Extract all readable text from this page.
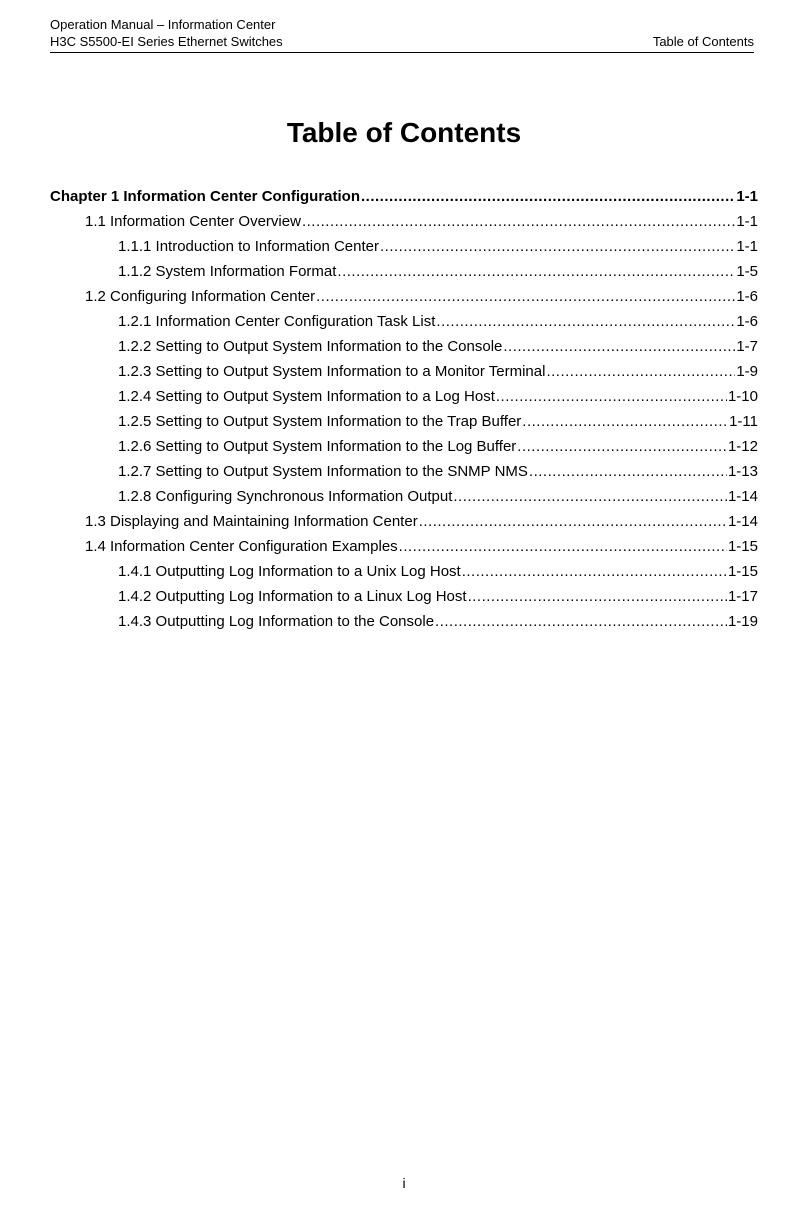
Operation Manual – Information Center
H3C S5500-EI Series Ethernet Switches	Table of Contents
Table of Contents
Chapter 1 Information Center Configuration .....	1-1
1.1 Information Center Overview .....	1-1
1.1.1 Introduction to Information Center .....	1-1
1.1.2 System Information Format .....	1-5
1.2 Configuring Information Center .....	1-6
1.2.1 Information Center Configuration Task List .....	1-6
1.2.2 Setting to Output System Information to the Console .....	1-7
1.2.3 Setting to Output System Information to a Monitor Terminal .....	1-9
1.2.4 Setting to Output System Information to a Log Host .....	1-10
1.2.5 Setting to Output System Information to the Trap Buffer .....	1-11
1.2.6 Setting to Output System Information to the Log Buffer .....	1-12
1.2.7 Setting to Output System Information to the SNMP NMS .....	1-13
1.2.8 Configuring Synchronous Information Output .....	1-14
1.3 Displaying and Maintaining Information Center .....	1-14
1.4 Information Center Configuration Examples .....	1-15
1.4.1 Outputting Log Information to a Unix Log Host .....	1-15
1.4.2 Outputting Log Information to a Linux Log Host .....	1-17
1.4.3 Outputting Log Information to the Console .....	1-19
i
